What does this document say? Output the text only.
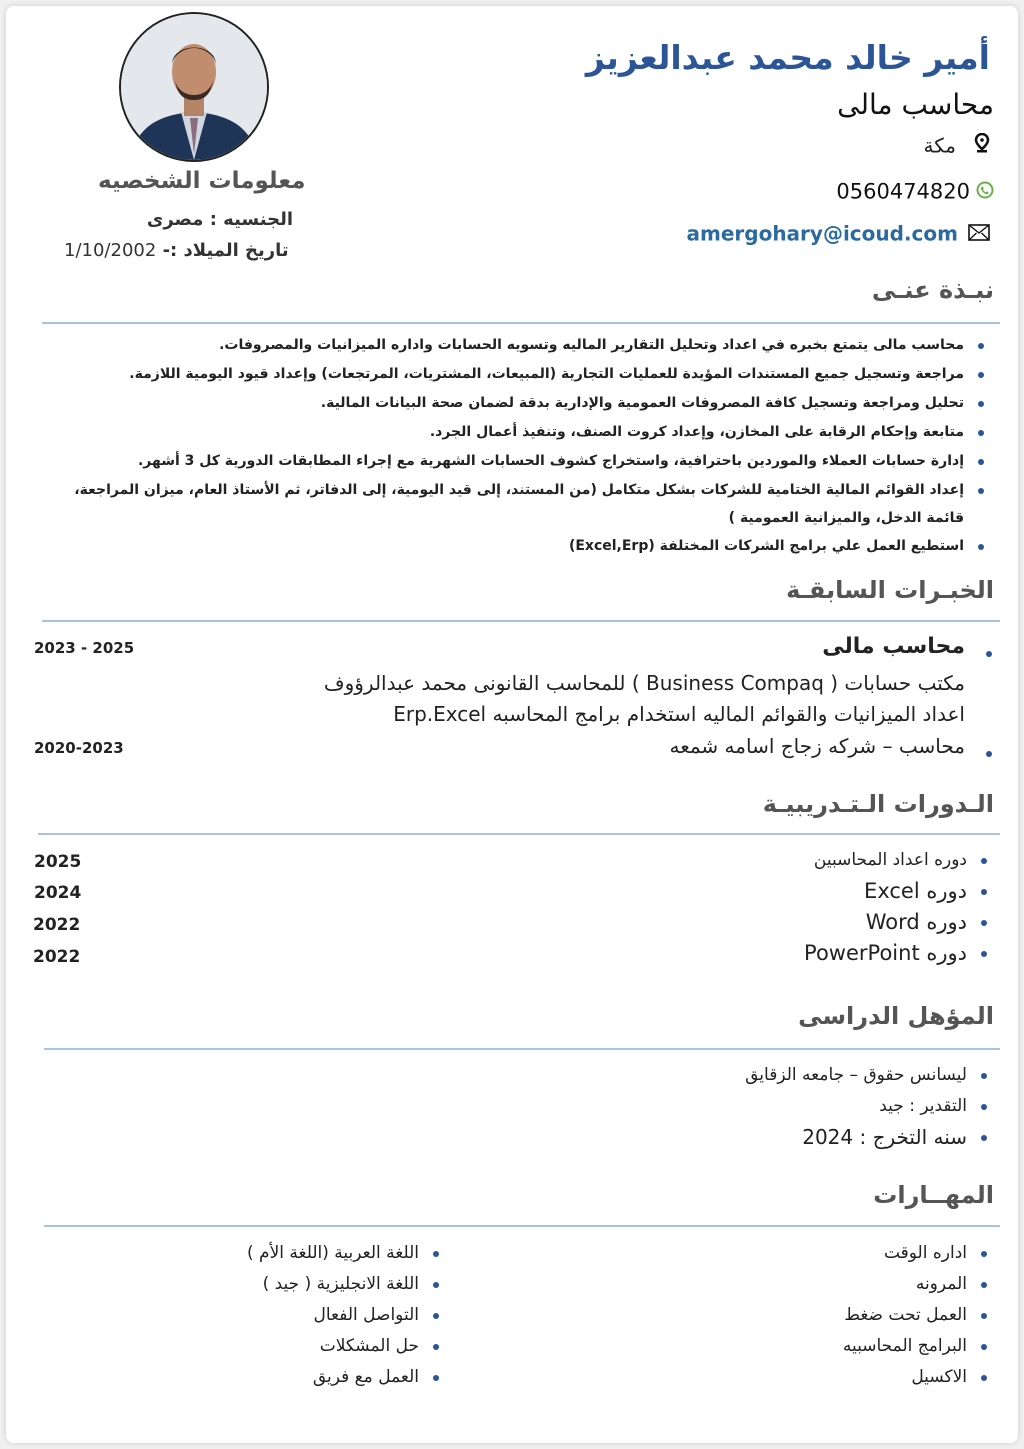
أمير خالد محمد عبدالعزيز
محاسب مالى
مكة
0560474820
amergohary@icoud.com
معلومات الشخصيه
الجنسيه : مصرى
تاريخ الميلاد :- 1/10/2002
نبـذة عنـى
محاسب مالى يتمتع بخبره في اعداد وتحليل التقارير الماليه وتسويه الحسابات واداره الميزانيات والمصروفات.
مراجعة وتسجيل جميع المستندات المؤيدة للعمليات التجارية (المبيعات، المشتريات، المرتجعات) وإعداد قيود اليومية اللازمة.
تحليل ومراجعة وتسجيل كافة المصروفات العمومية والإدارية بدقة لضمان صحة البيانات المالية.
متابعة وإحكام الرقابة على المخازن، وإعداد كروت الصنف، وتنفيذ أعمال الجرد.
إدارة حسابات العملاء والموردين باحترافية، واستخراج كشوف الحسابات الشهرية مع إجراء المطابقات الدورية كل 3 أشهر.
إعداد القوائم المالية الختامية للشركات بشكل متكامل (من المستند، إلى قيد اليومية، إلى الدفاتر، ثم الأستاذ العام، ميزان المراجعة، قائمة الدخل، والميزانية العمومية )
استطيع العمل علي برامج الشركات المختلفة (Excel,Erp)
الخبـرات السابقـة
محاسب مالى
2023 - 2025
مكتب حسابات ( Business Compaq ) للمحاسب القانونى محمد عبدالرؤوف
اعداد الميزانيات والقوائم الماليه استخدام برامج المحاسبه Erp.Excel
محاسب – شركه زجاج اسامه شمعه
2020-2023
الـدورات الـتـدريبيـة
دوره اعداد المحاسبين
دوره Excel
دوره Word
دوره PowerPoint
2025
2024
2022
2022
المؤهل الدراسى
ليسانس حقوق – جامعه الزقايق
التقدير : جيد
سنه التخرج : 2024
المهــارات
اداره الوقت
المرونه
العمل تحت ضغط
البرامج المحاسبيه
الاكسيل
اللغة العربية (اللغة الأم )
اللغة الانجليزية ( جيد )
التواصل الفعال
حل المشكلات
العمل مع فريق
